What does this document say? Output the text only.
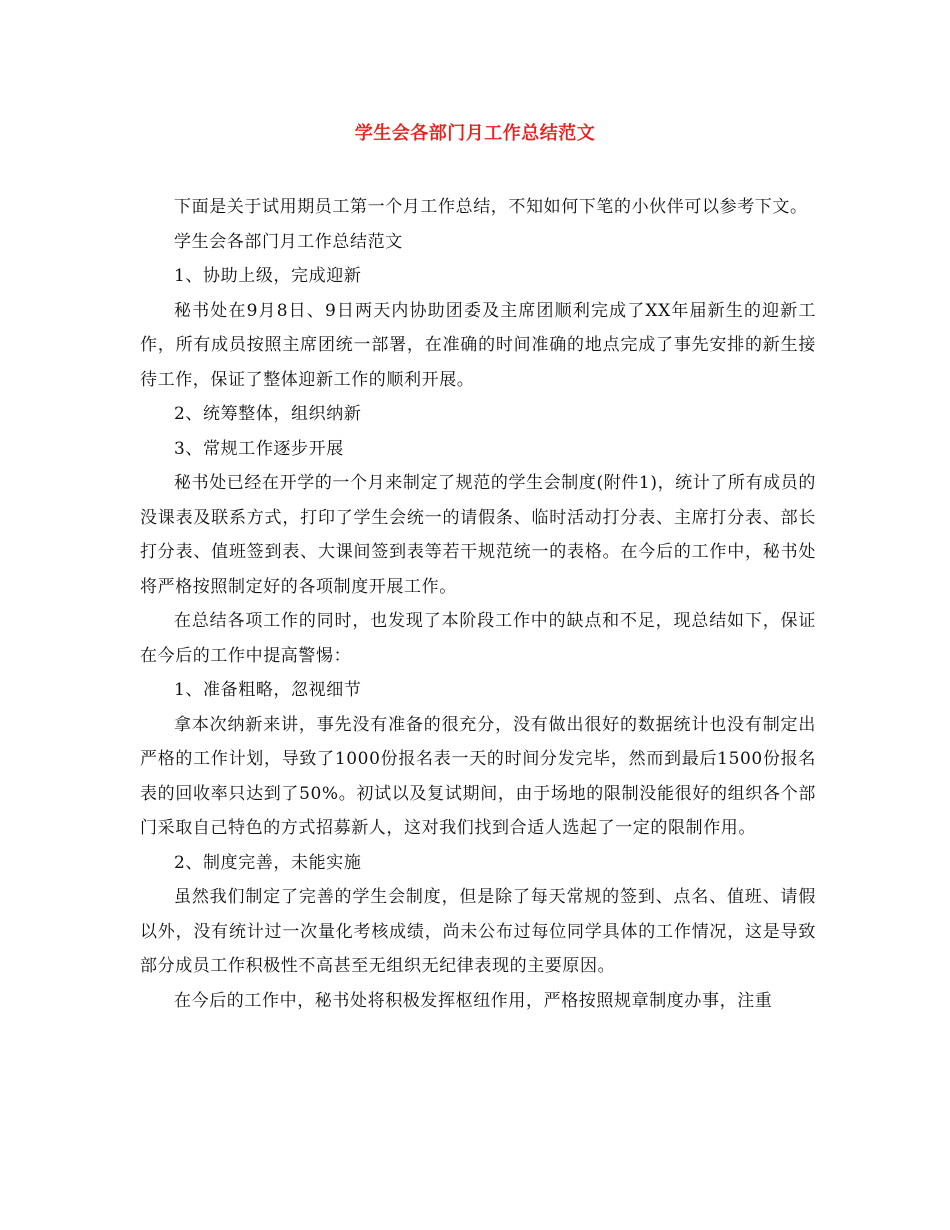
学生会各部门月工作总结范文

下面是关于试用期员工第一个月工作总结，不知如何下笔的小伙伴可以参考下文。

学生会各部门月工作总结范文

1、协助上级，完成迎新

秘书处在9月8日、9日两天内协助团委及主席团顺利完成了XX年届新生的迎新工作，所有成员按照主席团统一部署，在准确的时间准确的地点完成了事先安排的新生接待工作，保证了整体迎新工作的顺利开展。

2、统筹整体，组织纳新

3、常规工作逐步开展

秘书处已经在开学的一个月来制定了规范的学生会制度(附件1)，统计了所有成员的没课表及联系方式，打印了学生会统一的请假条、临时活动打分表、主席打分表、部长打分表、值班签到表、大课间签到表等若干规范统一的表格。在今后的工作中，秘书处将严格按照制定好的各项制度开展工作。

在总结各项工作的同时，也发现了本阶段工作中的缺点和不足，现总结如下，保证在今后的工作中提高警惕：

1、准备粗略，忽视细节

拿本次纳新来讲，事先没有准备的很充分，没有做出很好的数据统计也没有制定出严格的工作计划，导致了1000份报名表一天的时间分发完毕，然而到最后1500份报名表的回收率只达到了50%。初试以及复试期间，由于场地的限制没能很好的组织各个部门采取自己特色的方式招募新人，这对我们找到合适人选起了一定的限制作用。

2、制度完善，未能实施

虽然我们制定了完善的学生会制度，但是除了每天常规的签到、点名、值班、请假以外，没有统计过一次量化考核成绩，尚未公布过每位同学具体的工作情况，这是导致部分成员工作积极性不高甚至无组织无纪律表现的主要原因。

在今后的工作中，秘书处将积极发挥枢纽作用，严格按照规章制度办事，注重
